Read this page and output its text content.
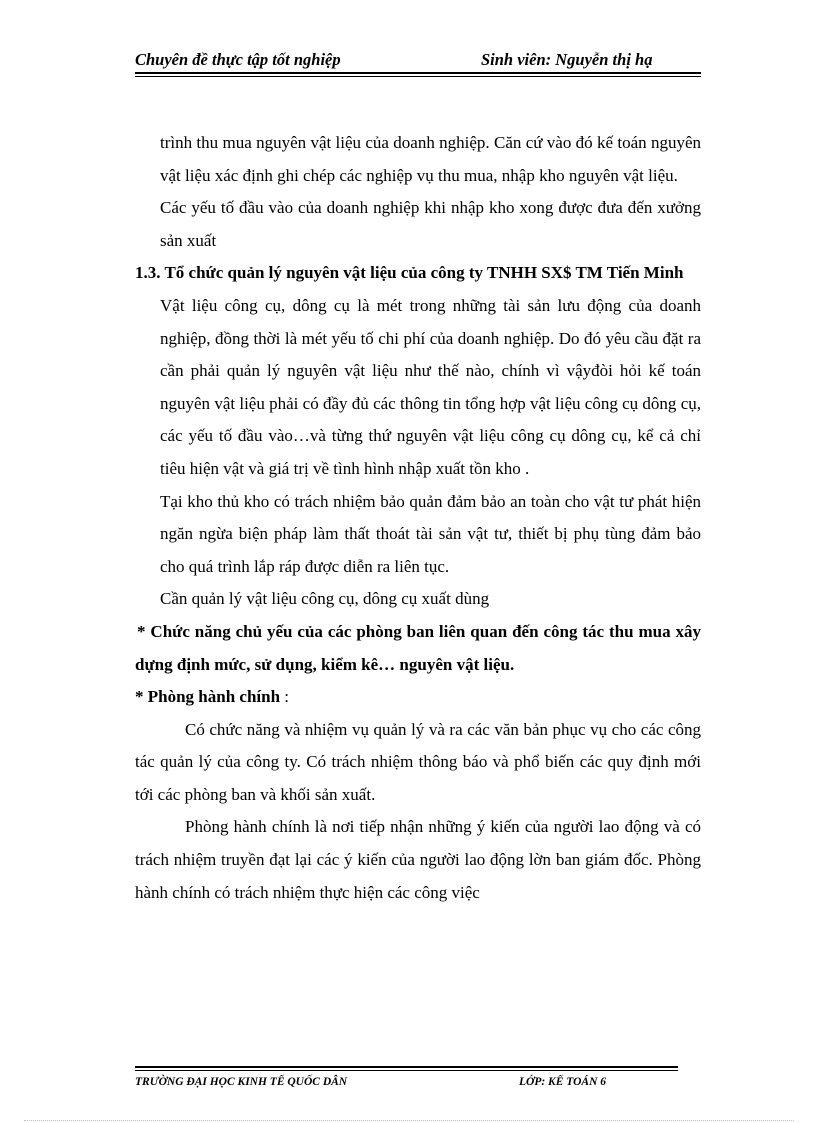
Chuyên đề thực tập tốt nghiệp	Sinh viên: Nguyễn thị hạ

trình thu mua nguyên vật liệu của doanh nghiệp. Căn cứ vào đó kế toán nguyên vật liệu xác định ghi chép các nghiệp vụ thu mua, nhập kho nguyên vật liệu.

Các yếu tố đầu vào của doanh nghiệp khi nhập kho xong được đưa đến xưởng sản xuất

1.3. Tổ chức quản lý nguyên vật liệu của công ty TNHH SX$ TM Tiến Minh

Vật liệu công cụ, dông cụ là mét trong những tài sản lưu động của doanh nghiệp, đồng thời là mét yếu tố chi phí của doanh nghiệp. Do đó yêu cầu đặt ra cần phải quản lý nguyên vật liệu như thế nào, chính vì vậyđòi hỏi kế toán nguyên vật liệu phải có đầy đủ các thông tin tổng hợp vật liệu công cụ dông cụ, các yếu tố đầu vào…và từng thứ nguyên vật liệu công cụ dông cụ, kể cả chỉ tiêu hiện vật và giá trị về tình hình nhập xuất tồn kho .

Tại kho thủ kho có trách nhiệm bảo quản đảm bảo an toàn cho vật tư phát hiện ngăn ngừa biện pháp làm thất thoát tài sản vật tư, thiết bị phụ tùng đảm bảo cho quá trình lắp ráp được diễn ra liên tục.

Cần quản lý vật liệu công cụ, dông cụ xuất dùng

* Chức năng chủ yếu của các phòng ban liên quan đến công tác thu mua xây dựng định mức, sử dụng, kiểm kê… nguyên vật liệu.

* Phòng hành chính :

Có chức năng và nhiệm vụ quản lý và ra các văn bản phục vụ cho các công tác quản lý của công ty. Có trách nhiệm thông báo và phổ biến các quy định mới tới các phòng ban và khối sản xuất.

Phòng hành chính là nơi tiếp nhận những ý kiến của người lao động và có trách nhiệm truyền đạt lại các ý kiến của người lao động lờn ban giám đốc. Phòng hành chính có trách nhiệm thực hiện các công việc

TRƯỜNG ĐẠI HỌC KINH TẾ QUỐC DÂN	LỚP: KẾ TOÁN 6
